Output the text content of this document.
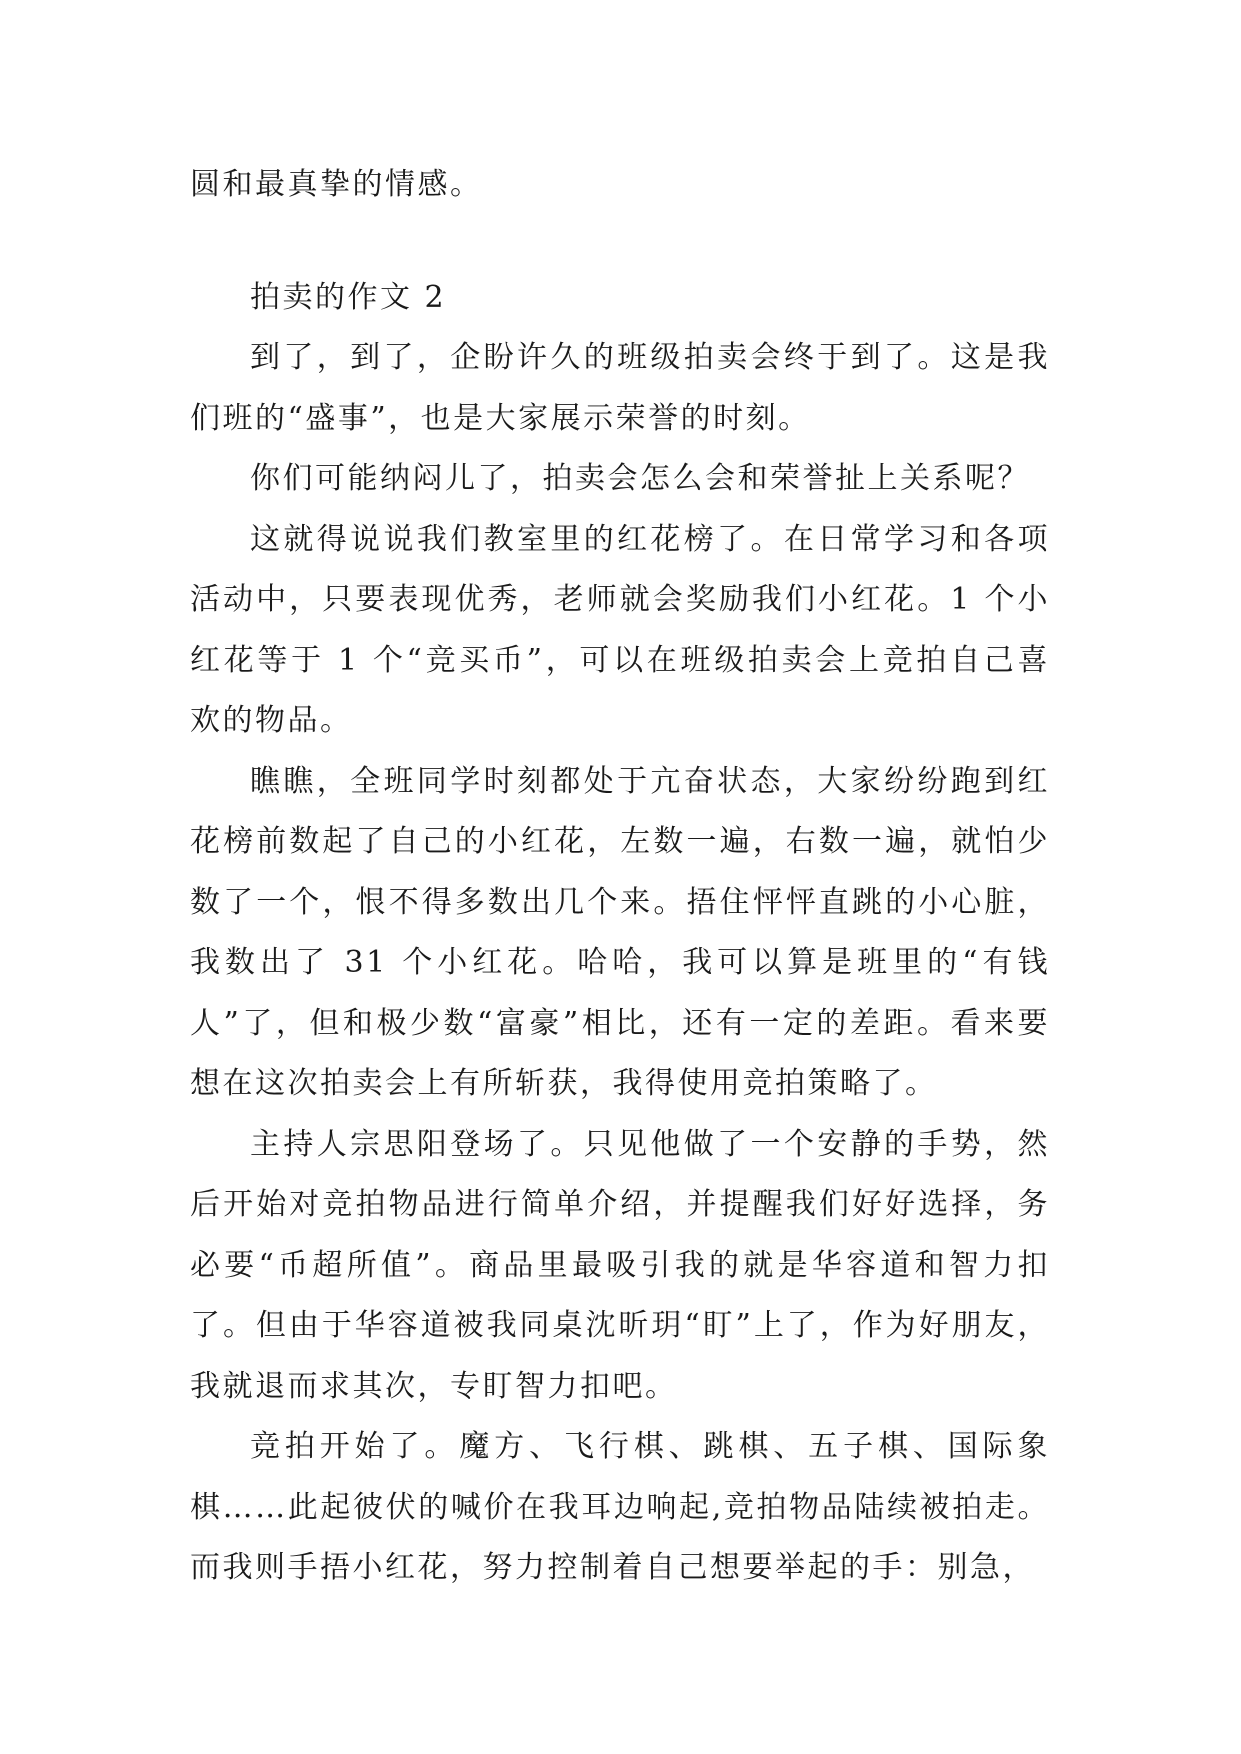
圆和最真挚的情感。

拍卖的作文 2

到了，到了，企盼许久的班级拍卖会终于到了。这是我们班的“盛事”，也是大家展示荣誉的时刻。

你们可能纳闷儿了，拍卖会怎么会和荣誉扯上关系呢？

这就得说说我们教室里的红花榜了。在日常学习和各项活动中，只要表现优秀，老师就会奖励我们小红花。1 个小红花等于 1 个“竞买币”，可以在班级拍卖会上竞拍自己喜欢的物品。

瞧瞧，全班同学时刻都处于亢奋状态，大家纷纷跑到红花榜前数起了自己的小红花，左数一遍，右数一遍，就怕少数了一个，恨不得多数出几个来。捂住怦怦直跳的小心脏，我数出了 31 个小红花。哈哈，我可以算是班里的“有钱人”了，但和极少数“富豪”相比，还有一定的差距。看来要想在这次拍卖会上有所斩获，我得使用竞拍策略了。

主持人宗思阳登场了。只见他做了一个安静的手势，然后开始对竞拍物品进行简单介绍，并提醒我们好好选择，务必要“币超所值”。商品里最吸引我的就是华容道和智力扣了。但由于华容道被我同桌沈昕玥“盯”上了，作为好朋友，我就退而求其次，专盯智力扣吧。

竞拍开始了。魔方、飞行棋、跳棋、五子棋、国际象棋……此起彼伏的喊价在我耳边响起,竞拍物品陆续被拍走。而我则手捂小红花，努力控制着自己想要举起的手：别急，
